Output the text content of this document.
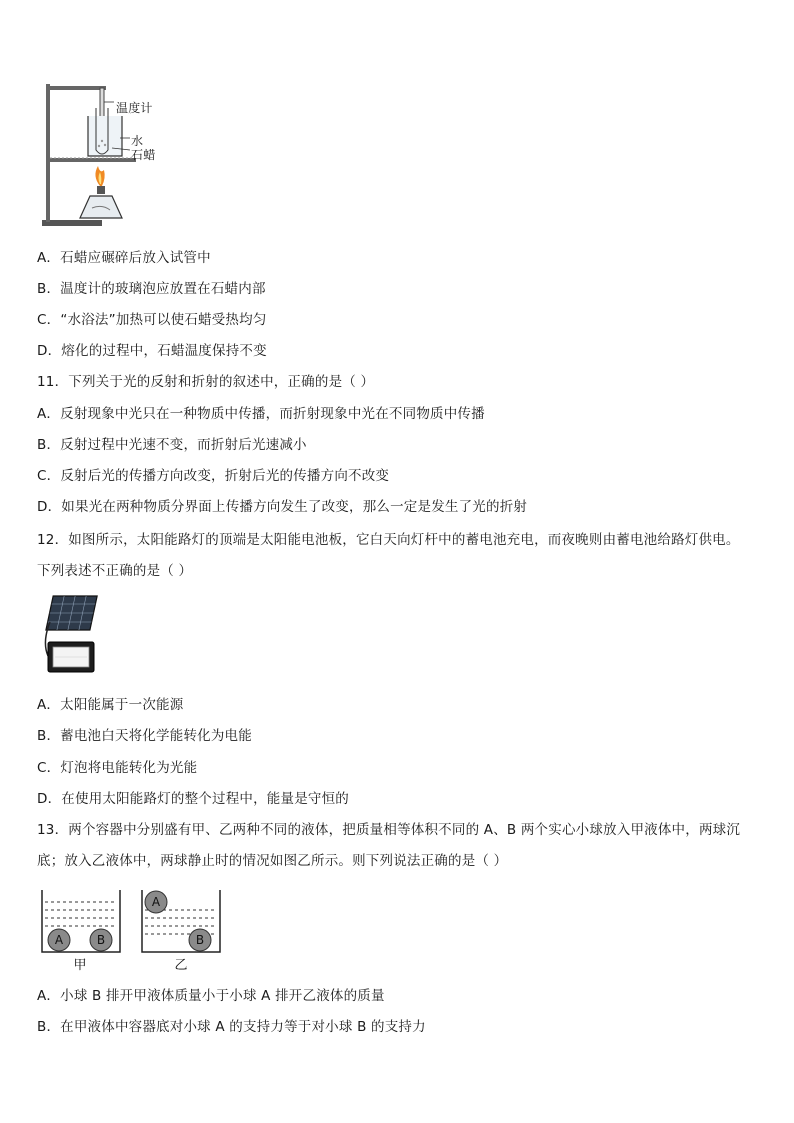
温度计
水
石蜡
A．石蜡应碾碎后放入试管中
B．温度计的玻璃泡应放置在石蜡内部
C．“水浴法”加热可以使石蜡受热均匀
D．熔化的过程中，石蜡温度保持不变
11．下列关于光的反射和折射的叙述中，正确的是（ ）
A．反射现象中光只在一种物质中传播，而折射现象中光在不同物质中传播
B．反射过程中光速不变，而折射后光速减小
C．反射后光的传播方向改变，折射后光的传播方向不改变
D．如果光在两种物质分界面上传播方向发生了改变，那么一定是发生了光的折射
12．如图所示，太阳能路灯的顶端是太阳能电池板，它白天向灯杆中的蓄电池充电，而夜晚则由蓄电池给路灯供电。
下列表述不正确的是（ ）
A．太阳能属于一次能源
B．蓄电池白天将化学能转化为电能
C．灯泡将电能转化为光能
D．在使用太阳能路灯的整个过程中，能量是守恒的
13．两个容器中分别盛有甲、乙两种不同的液体，把质量相等体积不同的 A、B 两个实心小球放入甲液体中，两球沉
底；放入乙液体中，两球静止时的情况如图乙所示。则下列说法正确的是（ ）
A	B
A
B
甲	乙
A．小球 B 排开甲液体质量小于小球 A 排开乙液体的质量
B．在甲液体中容器底对小球 A 的支持力等于对小球 B 的支持力
